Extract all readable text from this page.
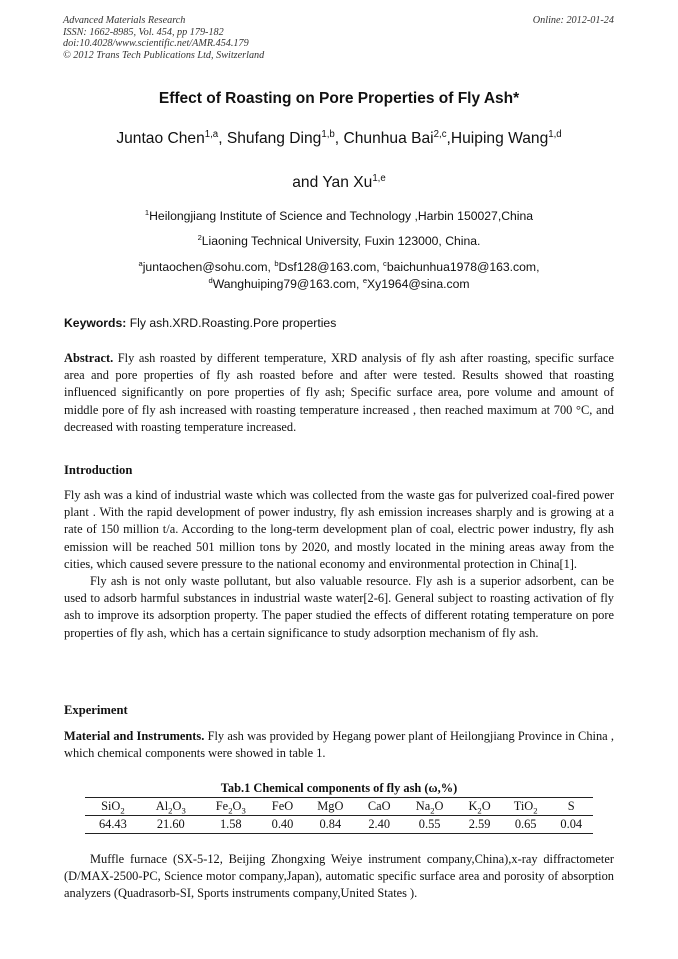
Advanced Materials Research
ISSN: 1662-8985, Vol. 454, pp 179-182
doi:10.4028/www.scientific.net/AMR.454.179
© 2012 Trans Tech Publications Ltd, Switzerland
Online: 2012-01-24
Effect of Roasting on Pore Properties of Fly Ash*
Juntao Chen$^{1,a}$, Shufang Ding$^{1,b}$, Chunhua Bai$^{2,c}$,Huiping Wang$^{1,d}$
and Yan Xu$^{1,e}$
$^1$Heilongjiang Institute of Science and Technology ,Harbin 150027,China
$^2$Liaoning Technical University, Fuxin 123000, China.
$^a$juntaochen@sohu.com, $^b$Dsf128@163.com, $^c$baichunhua1978@163.com,
$^d$Wanghuiping79@163.com, $^e$Xy1964@sina.com
Keywords: Fly ash.XRD.Roasting.Pore properties

Abstract. Fly ash roasted by different temperature, XRD analysis of fly ash after roasting, specific surface area and pore properties of fly ash roasted before and after were tested. Results showed that roasting influenced significantly on pore properties of fly ash; Specific surface area, pore volume and amount of middle pore of fly ash increased with roasting temperature increased , then reached maximum at 700 °C, and decreased with roasting temperature increased.

Introduction

Fly ash was a kind of industrial waste which was collected from the waste gas for pulverized coal-fired power plant . With the rapid development of power industry, fly ash emission increases sharply and is growing at a rate of 150 million t/a. According to the long-term development plan of coal, electric power industry, fly ash emission will be reached 501 million tons by 2020, and mostly located in the mining areas away from the cities, which caused severe pressure to the national economy and environmental protection in China[1].

Fly ash is not only waste pollutant, but also valuable resource. Fly ash is a superior adsorbent, can be used to adsorb harmful substances in industrial waste water[2-6]. General subject to roasting activation of fly ash to improve its adsorption property. The paper studied the effects of different rotating temperature on pore properties of fly ash, which has a certain significance to study adsorption mechanism of fly ash.

Experiment

Material and Instruments. Fly ash was provided by Hegang power plant of Heilongjiang Province in China , which chemical components were showed in table 1.

Tab.1 Chemical components of fly ash (ω,%)
SiO$_2$	$Al_2O_3$	$Fe_2O_3$	FeO	MgO	CaO	$Na_2O$	$K_2O$	TiO$_2$	S
64.43	21.60	1.58	0.40	0.84	2.40	0.55	2.59	0.65	0.04

Muffle furnace (SX-5-12, Beijing Zhongxing Weiye instrument company,China),x-ray diffractometer (D/MAX-2500-PC, Science motor company,Japan), automatic specific surface area and porosity of absorption analyzers (Quadrasorb-SI, Sports instruments company,United States ).
